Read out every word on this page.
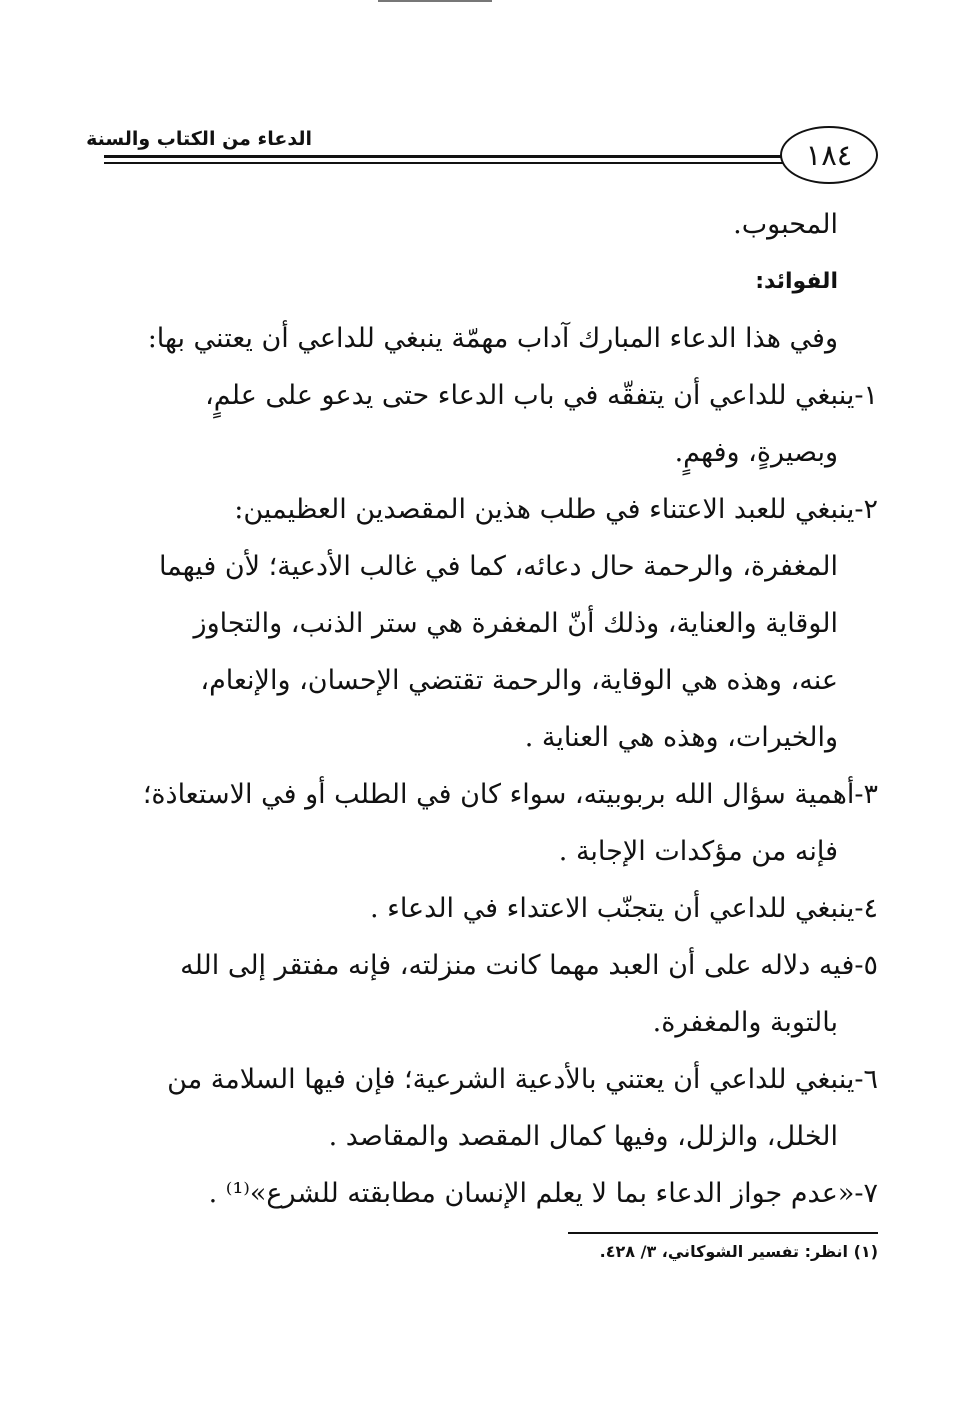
الدعاء من الكتاب والسنة	١٨٤

المحبوب.

الفوائد:

وفي هذا الدعاء المبارك آداب مهمّة ينبغي للداعي أن يعتني بها:

١-ينبغي للداعي أن يتفقّه في باب الدعاء حتى يدعو على علمٍ،

وبصيرةٍ، وفهمٍ.

٢-ينبغي للعبد الاعتناء في طلب هذين المقصدين العظيمين:

المغفرة، والرحمة حال دعائه، كما في غالب الأدعية؛ لأن فيهما

الوقاية والعناية، وذلك أنّ المغفرة هي ستر الذنب، والتجاوز

عنه، وهذه هي الوقاية، والرحمة تقتضي الإحسان، والإنعام،

والخيرات، وهذه هي العناية .

٣-أهمية سؤال الله بربوبيته، سواء كان في الطلب أو في الاستعاذة؛

فإنه من مؤكدات الإجابة .

٤-ينبغي للداعي أن يتجنّب الاعتداء في الدعاء .

٥-فيه دلاله على أن العبد مهما كانت منزلته، فإنه مفتقر إلى الله

بالتوبة والمغفرة.

٦-ينبغي للداعي أن يعتني بالأدعية الشرعية؛ فإن فيها السلامة من

الخلل، والزلل، وفيها كمال المقصد والمقاصد .

٧-«عدم جواز الدعاء بما لا يعلم الإنسان مطابقته للشرع»⁽¹⁾ .

(١) انظر: تفسير الشوكاني، ٣/ ٤٢٨.
